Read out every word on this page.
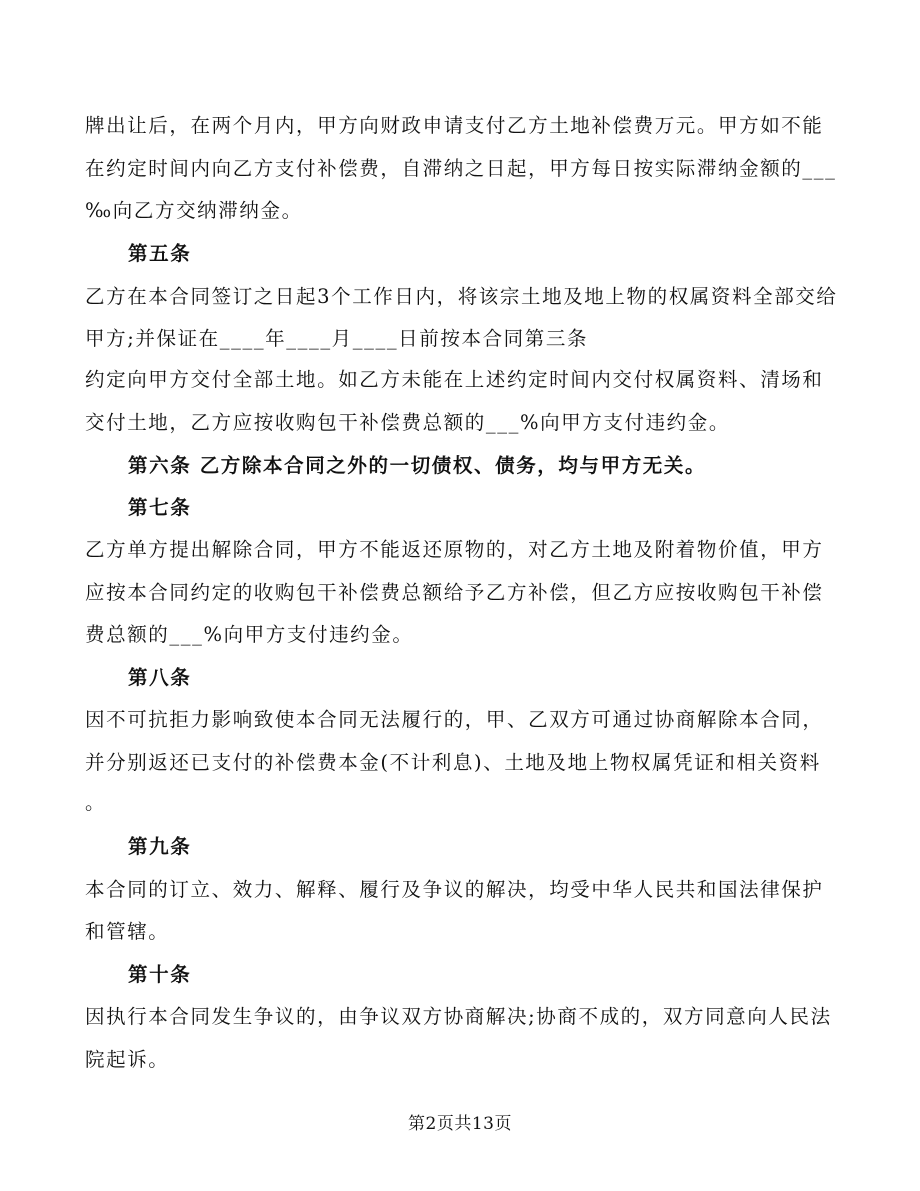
牌出让后，在两个月内，甲方向财政申请支付乙方土地补偿费万元。甲方如不能
在约定时间内向乙方支付补偿费，自滞纳之日起，甲方每日按实际滞纳金额的___
‰向乙方交纳滞纳金。
第五条
乙方在本合同签订之日起3个工作日内，将该宗土地及地上物的权属资料全部交给
甲方;并保证在____年____月____日前按本合同第三条
约定向甲方交付全部土地。如乙方未能在上述约定时间内交付权属资料、清场和
交付土地，乙方应按收购包干补偿费总额的___%向甲方支付违约金。
第六条 乙方除本合同之外的一切债权、债务，均与甲方无关。
第七条
乙方单方提出解除合同，甲方不能返还原物的，对乙方土地及附着物价值，甲方
应按本合同约定的收购包干补偿费总额给予乙方补偿，但乙方应按收购包干补偿
费总额的___%向甲方支付违约金。
第八条
因不可抗拒力影响致使本合同无法履行的，甲、乙双方可通过协商解除本合同，
并分别返还已支付的补偿费本金(不计利息)、土地及地上物权属凭证和相关资料
。
第九条
本合同的订立、效力、解释、履行及争议的解决，均受中华人民共和国法律保护
和管辖。
第十条
因执行本合同发生争议的，由争议双方协商解决;协商不成的，双方同意向人民法
院起诉。
第2页共13页
